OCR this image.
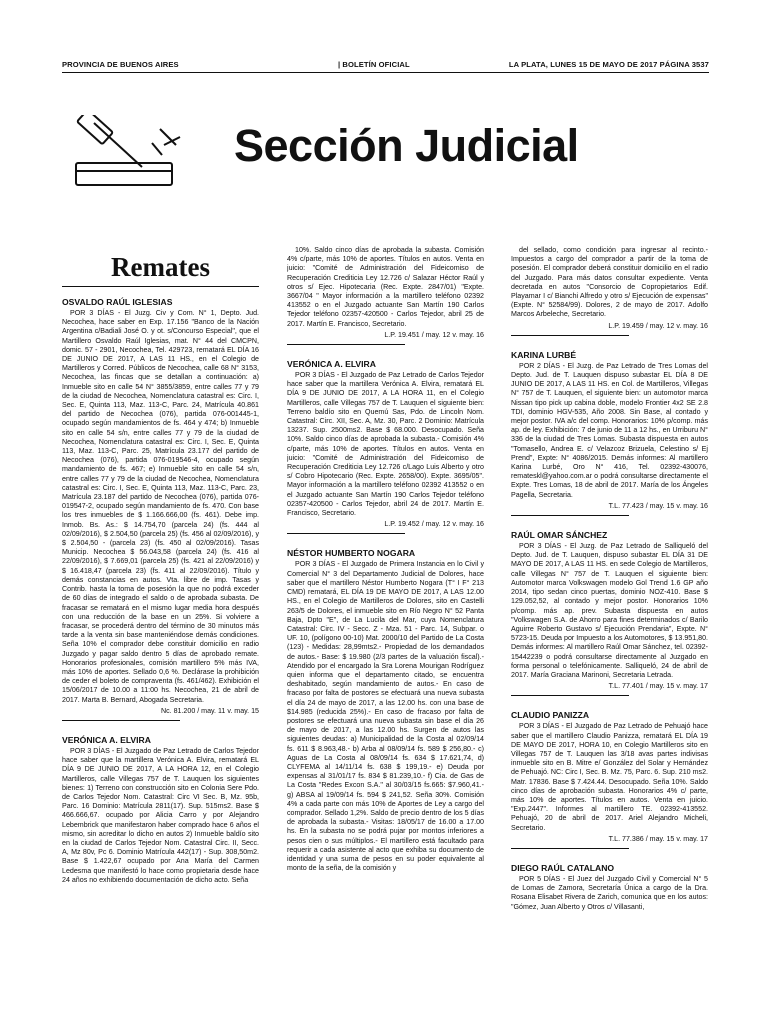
PROVINCIA DE BUENOS AIRES	| BOLETÍN OFICIAL	LA PLATA, LUNES 15 DE MAYO DE 2017 PÁGINA 3537
Sección Judicial
Remates
OSVALDO RAÚL IGLESIAS

POR 3 DÍAS - El Juzg. Civ y Com. N° 1, Depto. Jud. Necochea, hace saber en Exp. 17.156 "Banco de la Nación Argentina c/Badiali José O. y ot. s/Concurso Especial", que el Martillero Osvaldo Raúl Iglesias, mat. N° 44 del CMCPN, domic. 57 - 2901, Necochea, Tel. 429723, rematará EL DÍA 16 DE JUNIO DE 2017, A LAS 11 HS., en el Colegio de Martilleros y Corred. Públicos de Necochea, calle 68 N° 3153, Necochea, las fincas que se detallan a continuación: a) Inmueble sito en calle 54 N° 3855/3859, entre calles 77 y 79 de la ciudad de Necochea, Nomenclatura catastral es: Circ. I, Sec. E, Quinta 113, Maz. 113-C, Parc. 24, Matrícula 40.861 del partido de Necochea (076), partida 076-001445-1, ocupado según mandamientos de fs. 464 y 474; b) Inmueble sito en calle 54 s/n, entre calles 77 y 79 de la ciudad de Necochea, Nomenclatura catastral es: Circ. I, Sec. E, Quinta 113, Maz. 113-C, Parc. 25, Matrícula 23.177 del partido de Necochea (076), partida 076-019546-4, ocupado según mandamiento de fs. 467; e) Inmueble sito en calle 54 s/n, entre calles 77 y 79 de la ciudad de Necochea, Nomenclatura catastral es: Circ. I, Sec. E, Quinta 113, Maz. 113-C, Parc. 23, Matrícula 23.187 del partido de Necochea (076), partida 076-019547-2, ocupado según mandamiento de fs. 470. Con base los tres inmuebles de $ 1.166.666,00 (fs. 461). Debe imp. Inmob. Bs. As.: $ 14.754,70 (parcela 24) (fs. 444 al 02/09/2016), $ 2.504,50 (parcela 25) (fs. 456 al 02/09/2016), y $ 2.504,50 - (parcela 23) (fs. 450 al 02/09/2016). Tasas Municip. Necochea $ 56.043,58 (parcela 24) (fs. 416 al 22/09/2016), $ 7.669,01 (parcela 25) (fs. 421 al 22/09/2016) y $ 16.418,47 (parcela 23) (fs. 411 al 22/09/2016). Título y demás constancias en autos. Vta. libre de imp. Tasas y Contrib. hasta la toma de posesión la que no podrá exceder de 60 días de integrado el saldo o de aprobada subasta. De fracasar se rematará en el mismo lugar media hora después con una reducción de la base en un 25%. Si volviere a fracasar, se procederá dentro del término de 30 minutos más tarde a la venta sin base manteniéndose demás condiciones. Seña 10% el comprador debe constituir domicilio en radio Juzgado y pagar saldo dentro 5 días de aprobado remate. Honorarios profesionales, comisión martillero 5% más IVA, más 10% de aportes. Sellado 0,6 %. Declárase la prohibición de ceder el boleto de compraventa (fs. 461/462). Exhibición el 15/06/2017 de 10.00 a 11:00 hs. Necochea, 21 de abril de 2017. Marta B. Bernard, Abogada Secretaria.

Nc. 81.200 / may. 11 v. may. 15

VERÓNICA A. ELVIRA

POR 3 DÍAS - El Juzgado de Paz Letrado de Carlos Tejedor hace saber que la martillera Verónica A. Elvira, rematará EL DÍA 9 DE JUNIO DE 2017, A LA HORA 12, en el Colegio Martilleros, calle Villegas 757 de T. Lauquen los siguientes bienes: 1) Terreno con construcción sito en Colonia Sere Pdo. de Carlos Tejedor Nom. Catastral: Circ VI Sec. B, Mz. 95b, Parc. 16 Dominio: Matrícula 2811(17). Sup. 515ms2. Base $ 466.666,67. ocupado por Alicia Carro y por Alejandro Lebembrick que manifestaron haber comprado hace 6 años el mismo, sin acreditar lo dicho en autos 2) Inmueble baldío sito en la ciudad de Carlos Tejedor Nom. Catastral Circ. II, Secc. A, Mz 80v, Pc 6. Dominio Matrícula 442(17) - Sup. 308,50m2. Base $ 1.422,67 ocupado por Ana María del Carmen Ledesma que manifestó lo hace como propietaria desde hace 24 años no exhibiendo documentación de dicho acto. Seña

10%. Saldo cinco días de aprobada la subasta. Comisión 4% c/parte, más 10% de aportes. Títulos en autos. Venta en juicio: "Comité de Administración del Fideicomiso de Recuperación Crediticia Ley 12.726 c/ Salazar Héctor Raúl y otros s/ Ejec. Hipotecaria (Rec. Expte. 2847/01) "Expte. 3667/04 " Mayor información a la martillero teléfono 02392 413552 o en el Juzgado actuante San Martín 190 Carlos Tejedor teléfono 02357-420500 - Carlos Tejedor, abril 25 de 2017. Martín E. Francisco, Secretario.

L.P. 19.451 / may. 12 v. may. 16

VERÓNICA A. ELVIRA

POR 3 DÍAS - El Juzgado de Paz Letrado de Carlos Tejedor hace saber que la martillera Verónica A. Elvira, rematará EL DÍA 9 DE JUNIO DE 2017, A LA HORA 11, en el Colegio Martilleros, calle Villegas 757 de T. Lauquen el siguiente bien: Terreno baldío sito en Quemú Sas, Pdo. de Lincoln Nom. Catastral: Circ. XII, Sec. A, Mz. 30, Parc. 2 Dominio: Matrícula 13237. Sup. 2500ms2. Base $ 68.000. Desocupado. Seña 10%. Saldo cinco días de aprobada la subasta.- Comisión 4% c/parte, más 10% de aportes. Títulos en autos. Venta en juicio: "Comité de Administración del Fideicomiso de Recuperación Crediticia Ley 12.726 c/Lago Luis Alberto y otro s/ Cobro Hipotecario (Rec. Expte. 2658/00). Expte. 3695/05". Mayor información a la martillero teléfono 02392 413552 o en el Juzgado actuante San Martín 190 Carlos Tejedor teléfono 02357-420500 - Carlos Tejedor, abril 24 de 2017. Martín E. Francisco, Secretario.

L.P. 19.452 / may. 12 v. may. 16

NÉSTOR HUMBERTO NOGARA

POR 3 DÍAS - El Juzgado de Primera Instancia en lo Civil y Comercial N° 3 del Departamento Judicial de Dolores, hace saber que el martillero Néstor Humberto Nogara (T° I F° 213 CMD) rematará, EL DÍA 19 DE MAYO DE 2017, A LAS 12.00 HS., en el Colegio de Martilleros de Dolores, sito en Castelli 263/5 de Dolores, el inmueble sito en Río Negro N° 52 Panta Baja, Dpto "E", de La Lucila del Mar, cuya Nomenclatura Catastral: Circ. IV - Secc. Z - Mza. 51 - Parc. 14, Subpar. o UF. 10, (polígono 00-10) Mat. 2000/10 del Partido de La Costa (123) - Medidas: 28,99mts2.- Propiedad de los demandados de autos.- Base: $ 19.980 (2/3 partes de la valuación fiscal).- Atendido por el encargado la Sra Lorena Mourigan Rodríguez quien informa que el departamento citado, se encuentra deshabitado, según mandamiento de autos.- En caso de fracaso por falta de postores se efectuará una nueva subasta el día 24 de mayo de 2017, a las 12.00 hs. con una base de $14.985 (reducida 25%).- En caso de fracaso por falta de postores se efectuará una nueva subasta sin base el día 26 de mayo de 2017, a las 12.00 hs. Surgen de autos las siguientes deudas: a) Municipalidad de la Costa al 02/09/14 fs. 611 $ 8.963,48.- b) Arba al 08/09/14 fs. 589 $ 256,80.- c) Aguas de La Costa al 08/09/14 fs. 634 $ 17.621,74, d) CLYFEMA al 14/11/14 fs. 638 $ 199,19.- e) Deuda por expensas al 31/01/17 fs. 834 $ 81.239,10.- f) Cia. de Gas de La Costa "Redes Excon S.A." al 30/03/15 fs.665: $7.960,41.- g) ABSA al 19/09/14 fs. 594 $ 241,52. Seña 30%. Comisión 4% a cada parte con más 10% de Aportes de Ley a cargo del comprador. Sellado 1,2%. Saldo de precio dentro de los 5 días de aprobada la subasta.- Visitas: 18/05/17 de 16.00 a 17.00 hs. En la subasta no se podrá pujar por montos inferiores a pesos cien o sus múltiplos.- El martillero está facultado para requerir a cada asistente al acto que exhiba su documento de identidad y una suma de pesos en su poder equivalente al monto de la seña, de la comisión y

del sellado, como condición para ingresar al recinto.- Impuestos a cargo del comprador a partir de la toma de posesión. El comprador deberá constituir domicilio en el radio del Juzgado. Para más datos consultar expediente. Venta decretada en autos "Consorcio de Copropietarios Edif. Playamar I c/ Bianchi Alfredo y otro s/ Ejecución de expensas" (Expte. N° 52584/99). Dolores, 2 de mayo de 2017. Adolfo Marcos Arbeleche, Secretario.

L.P. 19.459 / may. 12 v. may. 16

KARINA LURBÉ

POR 2 DÍAS - El Juzg. de Paz Letrado de Tres Lomas del Depto. Jud. de T. Lauquen dispuso subastar EL DÍA 8 DE JUNIO DE 2017, A LAS 11 HS. en Col. de Martilleros, Villegas N° 757 de T. Lauquen, el siguiente bien: un automotor marca Nissan tipo pick up cabina doble, modelo Frontier 4x2 SE 2.8 TDI, dominio HGV-535, Año 2008. Sin Base, al contado y mejor postor. IVA a/c del comp. Honorarios: 10% p/comp. más ap. de ley. Exhibición: 7 de junio de 11 a 12 hs., en Urriburu N° 336 de la ciudad de Tres Lomas. Subasta dispuesta en autos "Tomasello, Andrea E. c/ Velazcoz Brizuela, Celestino s/ Ej Prend", Expte: N° 4086/2015. Demás informes: Al martillero Karina Lurbé, Oro N° 416, Tel. 02392-430076, remateskl@yahoo.com.ar o podrá consultarse directamente el Expte. Tres Lomas, 18 de abril de 2017. María de los Ángeles Pagella, Secretaria.

T.L. 77.423 / may. 15 v. may. 16

RAÚL OMAR SÁNCHEZ

POR 3 DÍAS - El Juzg. de Paz Letrado de Salliqueló del Depto. Jud. de T. Lauquen, dispuso subastar EL DÍA 31 DE MAYO DE 2017, A LAS 11 HS. en sede Colegio de Martilleros, calle Villegas N° 757 de T. Lauquen el siguiente bien: Automotor marca Volkswagen modelo Gol Trend 1.6 GP año 2014, tipo sedan cinco puertas, dominio NOZ-410. Base $ 129.052,52, al contado y mejor postor. Honorarios 10% p/comp. más ap. prev. Subasta dispuesta en autos "Volkswagen S.A. de Ahorro para fines determinados c/ Barilo Aguirre Roberto Gustavo s/ Ejecución Prendaria", Expte. N° 5723-15. Deuda por Impuesto a los Automotores, $ 13.951,80. Demás informes: Al martillero Raúl Omar Sánchez, tel. 02392-15442239 o podrá consultarse directamente al Juzgado en forma personal o telefónicamente. Salliqueló, 24 de abril de 2017. María Graciana Marinoni, Secretaria Letrada.

T.L. 77.401 / may. 15 v. may. 17

CLAUDIO PANIZZA

POR 3 DÍAS - El Juzgado de Paz Letrado de Pehuajó hace saber que el martillero Claudio Panizza, rematará EL DÍA 19 DE MAYO DE 2017, HORA 10, en Colegio Martilleros sito en Villegas 757 de T. Lauquen las 3/18 avas partes indivisas inmueble sito en B. Mitre e/ González del Solar y Hernández de Pehuajó. NC: Circ I, Sec. B. Mz. 75, Parc. 6. Sup. 210 ms2. Matr. 17836. Base $ 7.424.44. Desocupado. Seña 10%. Saldo cinco días de aprobación subasta. Honorarios 4% c/ parte, más 10% de aportes. Títulos en autos. Venta en juicio. "Exp.2447". Informes al martillero TE. 02392-413552. Pehuajó, 20 de abril de 2017. Ariel Alejandro Micheli, Secretario.

T.L. 77.386 / may. 15 v. may. 17

DIEGO RAÚL CATALANO

POR 5 DÍAS - El Juez del Juzgado Civil y Comercial N° 5 de Lomas de Zamora, Secretaría Única a cargo de la Dra. Rosana Elisabet Rivera de Zarich, comunica que en los autos: "Gómez, Juan Alberto y Otros c/ Villasanti,
